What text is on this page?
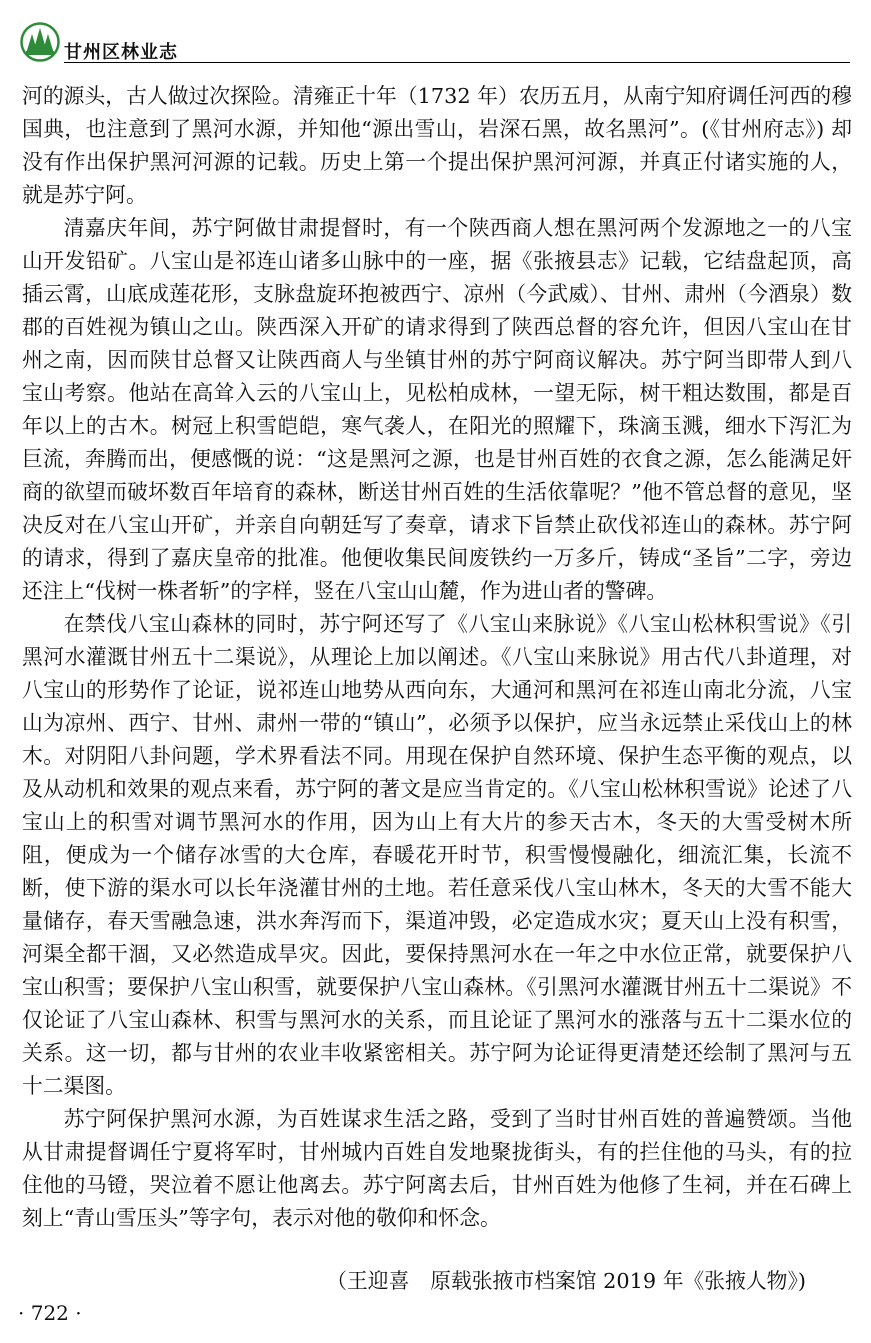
甘州区林业志

河的源头，古人做过次探险。清雍正十年（1732 年）农历五月，从南宁知府调任河西的穆国典，也注意到了黑河水源，并知他“源出雪山，岩深石黑，故名黑河”。(《甘州府志》) 却没有作出保护黑河河源的记载。历史上第一个提出保护黑河河源，并真正付诸实施的人，就是苏宁阿。

清嘉庆年间，苏宁阿做甘肃提督时，有一个陕西商人想在黑河两个发源地之一的八宝山开发铅矿。八宝山是祁连山诸多山脉中的一座，据《张掖县志》记载，它结盘起顶，高插云霄，山底成莲花形，支脉盘旋环抱被西宁、凉州（今武威）、甘州、肃州（今酒泉）数郡的百姓视为镇山之山。陕西深入开矿的请求得到了陕西总督的容允许，但因八宝山在甘州之南，因而陕甘总督又让陕西商人与坐镇甘州的苏宁阿商议解决。苏宁阿当即带人到八宝山考察。他站在高耸入云的八宝山上，见松柏成林，一望无际，树干粗达数围，都是百年以上的古木。树冠上积雪皑皑，寒气袭人，在阳光的照耀下，珠滴玉溅，细水下泻汇为巨流，奔腾而出，便感慨的说：“这是黑河之源，也是甘州百姓的衣食之源，怎么能满足奸商的欲望而破坏数百年培育的森林，断送甘州百姓的生活依靠呢？”他不管总督的意见，坚决反对在八宝山开矿，并亲自向朝廷写了奏章，请求下旨禁止砍伐祁连山的森林。苏宁阿的请求，得到了嘉庆皇帝的批准。他便收集民间废铁约一万多斤，铸成“圣旨”二字，旁边还注上“伐树一株者斩”的字样，竖在八宝山山麓，作为进山者的警碑。

在禁伐八宝山森林的同时，苏宁阿还写了《八宝山来脉说》《八宝山松林积雪说》《引黑河水灌溉甘州五十二渠说》，从理论上加以阐述。《八宝山来脉说》用古代八卦道理，对八宝山的形势作了论证，说祁连山地势从西向东，大通河和黑河在祁连山南北分流，八宝山为凉州、西宁、甘州、肃州一带的“镇山”，必须予以保护，应当永远禁止采伐山上的林木。对阴阳八卦问题，学术界看法不同。用现在保护自然环境、保护生态平衡的观点，以及从动机和效果的观点来看，苏宁阿的著文是应当肯定的。《八宝山松林积雪说》论述了八宝山上的积雪对调节黑河水的作用，因为山上有大片的参天古木，冬天的大雪受树木所阻，便成为一个储存冰雪的大仓库，春暖花开时节，积雪慢慢融化，细流汇集，长流不断，使下游的渠水可以长年浇灌甘州的土地。若任意采伐八宝山林木，冬天的大雪不能大量储存，春天雪融急速，洪水奔泻而下，渠道冲毁，必定造成水灾；夏天山上没有积雪，河渠全都干涸，又必然造成旱灾。因此，要保持黑河水在一年之中水位正常，就要保护八宝山积雪；要保护八宝山积雪，就要保护八宝山森林。《引黑河水灌溉甘州五十二渠说》不仅论证了八宝山森林、积雪与黑河水的关系，而且论证了黑河水的涨落与五十二渠水位的关系。这一切，都与甘州的农业丰收紧密相关。苏宁阿为论证得更清楚还绘制了黑河与五十二渠图。

苏宁阿保护黑河水源，为百姓谋求生活之路，受到了当时甘州百姓的普遍赞颂。当他从甘肃提督调任宁夏将军时，甘州城内百姓自发地聚拢街头，有的拦住他的马头，有的拉住他的马镫，哭泣着不愿让他离去。苏宁阿离去后，甘州百姓为他修了生祠，并在石碑上刻上“青山雪压头”等字句，表示对他的敬仰和怀念。

（王迎喜　原载张掖市档案馆 2019 年《张掖人物》)
· 722 ·
